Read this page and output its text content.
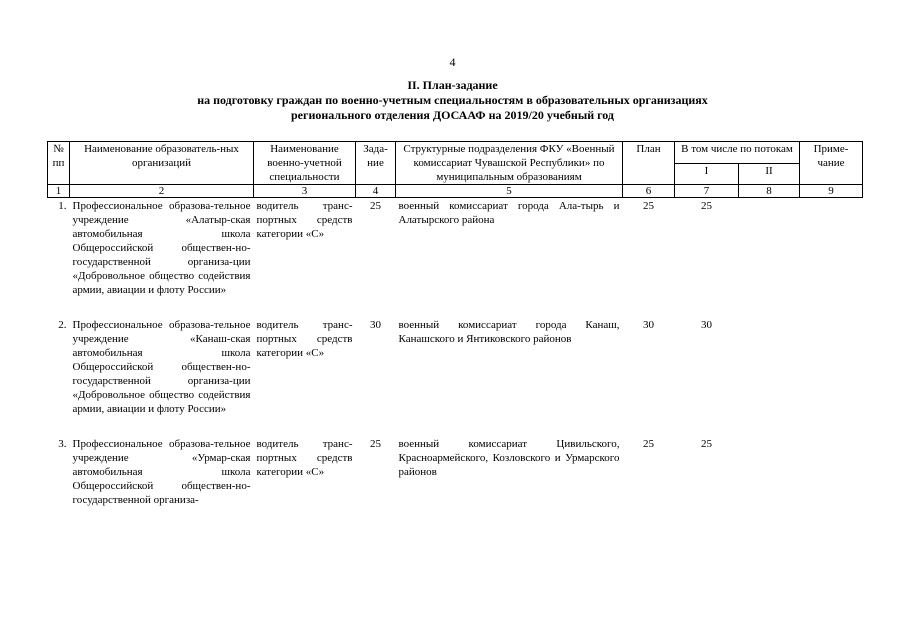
4
II. План-задание
на подготовку граждан по военно-учетным специальностям в образовательных организациях
регионального отделения ДОСААФ на 2019/20 учебный год
№ пп	Наименование образователь-ных организаций	Наименование военно-учетной специальности	Зада-ние	Структурные подразделения ФКУ «Военный комиссариат Чувашской Республики» по муниципальным образованиям	План	В том числе по потокам		Приме-чание
						I	II	
1	2	3	4	5	6	7	8	9
1.	Профессиональное образова-тельное учреждение «Алатыр-ская автомобильная школа Общероссийской обществен-но-государственной организа-ции «Добровольное общество содействия армии, авиации и флоту России»	водитель транс-портных средств категории «С»	25	военный комиссариат города Ала-тырь и Алатырского района	25	25		

2.	Профессиональное образова-тельное учреждение «Канаш-ская автомобильная школа Общероссийской обществен-но-государственной организа-ции «Добровольное общество содействия армии, авиации и флоту России»	водитель транс-портных средств категории «С»	30	военный комиссариат города Канаш, Канашского и Янтиковского районов	30	30		

3.	Профессиональное образова-тельное учреждение «Урмар-ская автомобильная школа Общероссийской обществен-но-государственной организа-	водитель транс-портных средств категории «С»	25	военный комиссариат Цивильского, Красноармейского, Козловского и Урмарского районов	25	25		
